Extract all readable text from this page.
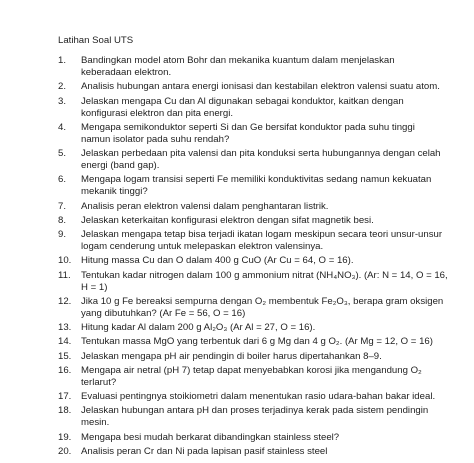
Latihan Soal UTS
1.	Bandingkan model atom Bohr dan mekanika kuantum dalam menjelaskan
keberadaan elektron.
2.	Analisis hubungan antara energi ionisasi dan kestabilan elektron valensi suatu atom.
3.	Jelaskan mengapa Cu dan Al digunakan sebagai konduktor, kaitkan dengan
konfigurasi elektron dan pita energi.
4.	Mengapa semikonduktor seperti Si dan Ge bersifat konduktor pada suhu tinggi
namun isolator pada suhu rendah?
5.	Jelaskan perbedaan pita valensi dan pita konduksi serta hubungannya dengan celah
energi (band gap).
6.	Mengapa logam transisi seperti Fe memiliki konduktivitas sedang namun kekuatan
mekanik tinggi?
7.	Analisis peran elektron valensi dalam penghantaran listrik.
8.	Jelaskan keterkaitan konfigurasi elektron dengan sifat magnetik besi.
9.	Jelaskan mengapa tetap bisa terjadi ikatan logam meskipun secara teori unsur-unsur
logam cenderung untuk melepaskan elektron valensinya.
10.	Hitung massa Cu dan O dalam 400 g CuO (Ar Cu = 64, O = 16).
11.	Tentukan kadar nitrogen dalam 100 g ammonium nitrat (NH₄NO₃). (Ar: N = 14, O = 16,
H = 1)
12.	Jika 10 g Fe bereaksi sempurna dengan O₂ membentuk Fe₂O₃, berapa gram oksigen
yang dibutuhkan? (Ar Fe = 56, O = 16)
13.	Hitung kadar Al dalam 200 g Al₂O₃ (Ar Al = 27, O = 16).
14.	Tentukan massa MgO yang terbentuk dari 6 g Mg dan 4 g O₂. (Ar Mg = 12, O = 16)
15.	Jelaskan mengapa pH air pendingin di boiler harus dipertahankan 8–9.
16.	Mengapa air netral (pH 7) tetap dapat menyebabkan korosi jika mengandung O₂
terlarut?
17.	Evaluasi pentingnya stoikiometri dalam menentukan rasio udara-bahan bakar ideal.
18.	Jelaskan hubungan antara pH dan proses terjadinya kerak pada sistem pendingin
mesin.
19.	Mengapa besi mudah berkarat dibandingkan stainless steel?
20.	Analisis peran Cr dan Ni pada lapisan pasif stainless steel
